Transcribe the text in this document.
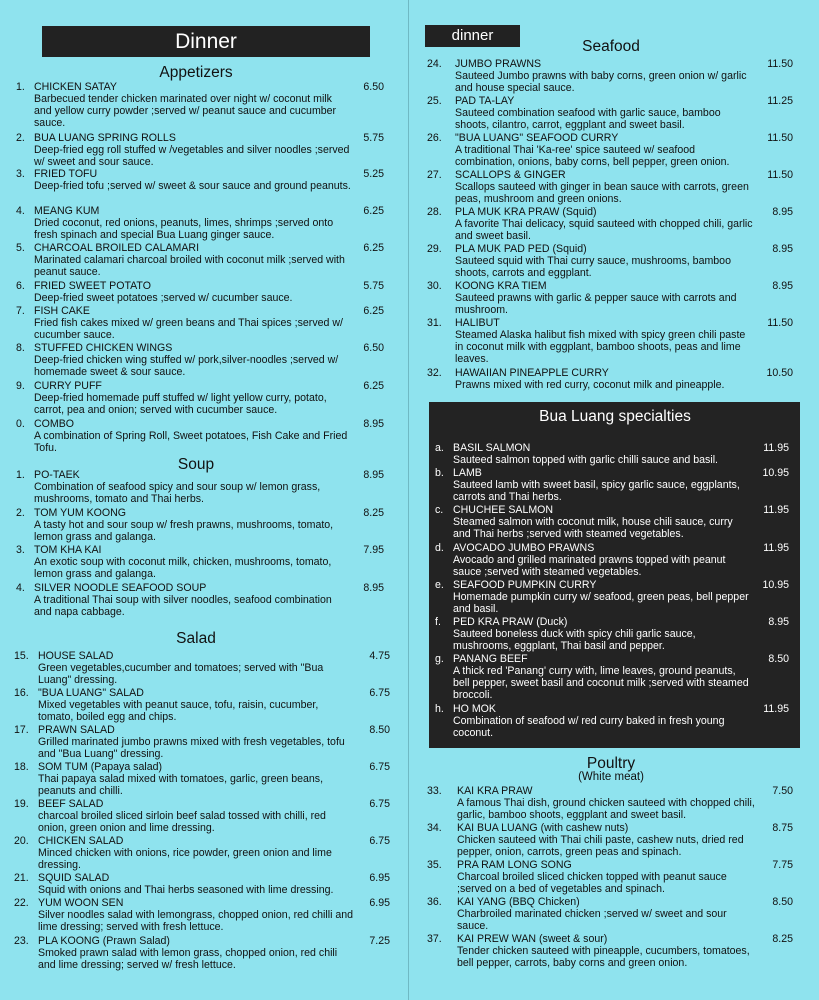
Dinner
Appetizers
1. CHICKEN SATAY	6.50
Barbecued tender chicken marinated over night w/ coconut milk and yellow curry powder ;served w/ peanut sauce and cucumber sauce.
2. BUA LUANG SPRING ROLLS	5.75
Deep-fried egg roll stuffed w /vegetables and silver noodles ;served w/ sweet and sour sauce.
3. FRIED TOFU	5.25
Deep-fried tofu ;served w/ sweet & sour sauce and ground peanuts.
4. MEANG KUM	6.25
Dried coconut, red onions, peanuts, limes, shrimps ;served onto fresh spinach and special Bua Luang ginger sauce.
5. CHARCOAL BROILED CALAMARI	6.25
Marinated calamari charcoal broiled with coconut milk ;served with peanut sauce.
6. FRIED SWEET POTATO	5.75
Deep-fried sweet potatoes ;served w/ cucumber sauce.
7. FISH CAKE	6.25
Fried fish cakes mixed w/ green beans and Thai spices ;served w/ cucumber sauce.
8. STUFFED CHICKEN WINGS	6.50
Deep-fried chicken wing stuffed w/ pork,silver-noodles ;served w/ homemade sweet & sour sauce.
9. CURRY PUFF	6.25
Deep-fried homemade puff stuffed w/ light yellow curry, potato, carrot, pea and onion; served with cucumber sauce.
0. COMBO	8.95
A combination of Spring Roll, Sweet potatoes, Fish Cake and Fried Tofu.
Soup
1. PO-TAEK	8.95
Combination of seafood spicy and sour soup w/ lemon grass, mushrooms, tomato and Thai herbs.
2. TOM YUM KOONG	8.25
A tasty hot and sour soup w/ fresh prawns, mushrooms, tomato, lemon grass and galanga.
3. TOM KHA KAI	7.95
An exotic soup with coconut milk, chicken, mushrooms, tomato, lemon grass and galanga.
4. SILVER NOODLE SEAFOOD SOUP	8.95
A traditional Thai soup with silver noodles, seafood combination and napa cabbage.
Salad
15. HOUSE SALAD	4.75
Green vegetables,cucumber and tomatoes; served with "Bua Luang" dressing.
16. "BUA LUANG" SALAD	6.75
Mixed vegetables with peanut sauce, tofu, raisin, cucumber, tomato, boiled egg and chips.
17. PRAWN SALAD	8.50
Grilled marinated jumbo prawns mixed with fresh vegetables, tofu and "Bua Luang" dressing.
18. SOM TUM (Papaya salad)	6.75
Thai papaya salad mixed with tomatoes, garlic, green beans, peanuts and chilli.
19. BEEF SALAD	6.75
charcoal broiled sliced sirloin beef salad tossed with chilli, red onion, green onion and lime dressing.
20. CHICKEN SALAD	6.75
Minced chicken with onions, rice powder, green onion and lime dressing.
21. SQUID SALAD	6.95
Squid with onions and Thai herbs seasoned with lime dressing.
22. YUM WOON SEN	6.95
Silver noodles salad with lemongrass, chopped onion, red chilli and lime dressing; served with fresh lettuce.
23. PLA KOONG (Prawn Salad)	7.25
Smoked prawn salad with lemon grass, chopped onion, red chili and lime dressing; served w/ fresh lettuce.
dinner
Seafood
24. JUMBO PRAWNS	11.50
Sauteed Jumbo prawns with baby corns, green onion w/ garlic and house special sauce.
25. PAD TA-LAY	11.25
Sauteed combination seafood with garlic sauce, bamboo shoots, cilantro, carrot, eggplant and sweet basil.
26. "BUA LUANG" SEAFOOD CURRY	11.50
A traditional Thai 'Ka-ree' spice sauteed w/ seafood combination, onions, baby corns, bell pepper, green onion.
27. SCALLOPS & GINGER	11.50
Scallops sauteed with ginger in bean sauce with carrots, green peas, mushroom and green onions.
28. PLA MUK KRA PRAW (Squid)	8.95
A favorite Thai delicacy, squid sauteed with chopped chili, garlic and sweet basil.
29. PLA MUK PAD PED (Squid)	8.95
Sauteed squid with Thai curry sauce, mushrooms, bamboo shoots, carrots and eggplant.
30. KOONG KRA TIEM	8.95
Sauteed prawns with garlic & pepper sauce with carrots and mushroom.
31. HALIBUT	11.50
Steamed Alaska halibut fish mixed with spicy green chili paste in coconut milk with eggplant, bamboo shoots, peas and lime leaves.
32. HAWAIIAN PINEAPPLE CURRY	10.50
Prawns mixed with red curry, coconut milk and pineapple.
Bua Luang specialties
a. BASIL SALMON	11.95
Sauteed salmon topped with garlic chilli sauce and basil.
b. LAMB	10.95
Sauteed lamb with sweet basil, spicy garlic sauce, eggplants, carrots and Thai herbs.
c. CHUCHEE SALMON	11.95
Steamed salmon with coconut milk, house chili sauce, curry and Thai herbs ;served with steamed vegetables.
d. AVOCADO JUMBO PRAWNS	11.95
Avocado and grilled marinated prawns topped with peanut sauce ;served with steamed vegetables.
e. SEAFOOD PUMPKIN CURRY	10.95
Homemade pumpkin curry w/ seafood, green peas, bell pepper and basil.
f. PED KRA PRAW (Duck)	8.95
Sauteed boneless duck with spicy chili garlic sauce, mushrooms, eggplant, Thai basil and pepper.
g. PANANG BEEF	8.50
A thick red 'Panang' curry with, lime leaves, ground peanuts, bell pepper, sweet basil and coconut milk ;served with steamed broccoli.
h. HO MOK	11.95
Combination of seafood w/ red curry baked in fresh young coconut.
Poultry
(White meat)
33. KAI KRA PRAW	7.50
A famous Thai dish, ground chicken sauteed with chopped chili, garlic, bamboo shoots, eggplant and sweet basil.
34. KAI BUA LUANG (with cashew nuts)	8.75
Chicken sauteed with Thai chili paste, cashew nuts, dried red pepper, onion, carrots, green peas and spinach.
35. PRA RAM LONG SONG	7.75
Charcoal broiled sliced chicken topped with peanut sauce ;served on a bed of vegetables and spinach.
36. KAI YANG (BBQ Chicken)	8.50
Charbroiled marinated chicken ;served w/ sweet and sour sauce.
37. KAI PREW WAN (sweet & sour)	8.25
Tender chicken sauteed with pineapple, cucumbers, tomatoes, bell pepper, carrots, baby corns and green onion.
